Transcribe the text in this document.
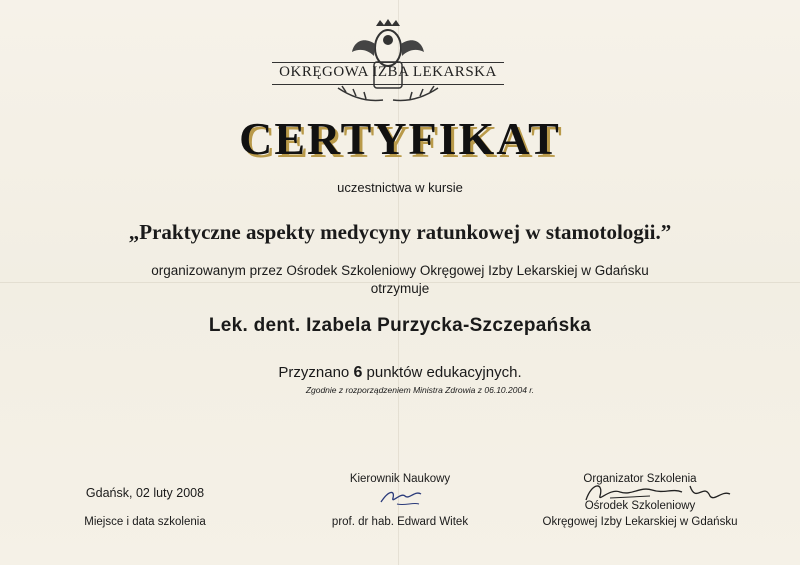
OKRĘGOWA IZBA LEKARSKA
CERTYFIKAT
uczestnictwa w kursie
„Praktyczne aspekty medycyny ratunkowej w stamotologii.”
organizowanym przez Ośrodek Szkoleniowy Okręgowej Izby Lekarskiej w Gdańsku
otrzymuje
Lek. dent. Izabela Purzycka-Szczepańska
Przyznano 6 punktów edukacyjnych.
Zgodnie z rozporządzeniem Ministra Zdrowia z 06.10.2004 r.
Gdańsk, 02 luty 2008
Miejsce i data szkolenia
Kierownik Naukowy
prof. dr hab. Edward Witek
Organizator Szkolenia
Ośrodek Szkoleniowy
Okręgowej Izby Lekarskiej w Gdańsku
